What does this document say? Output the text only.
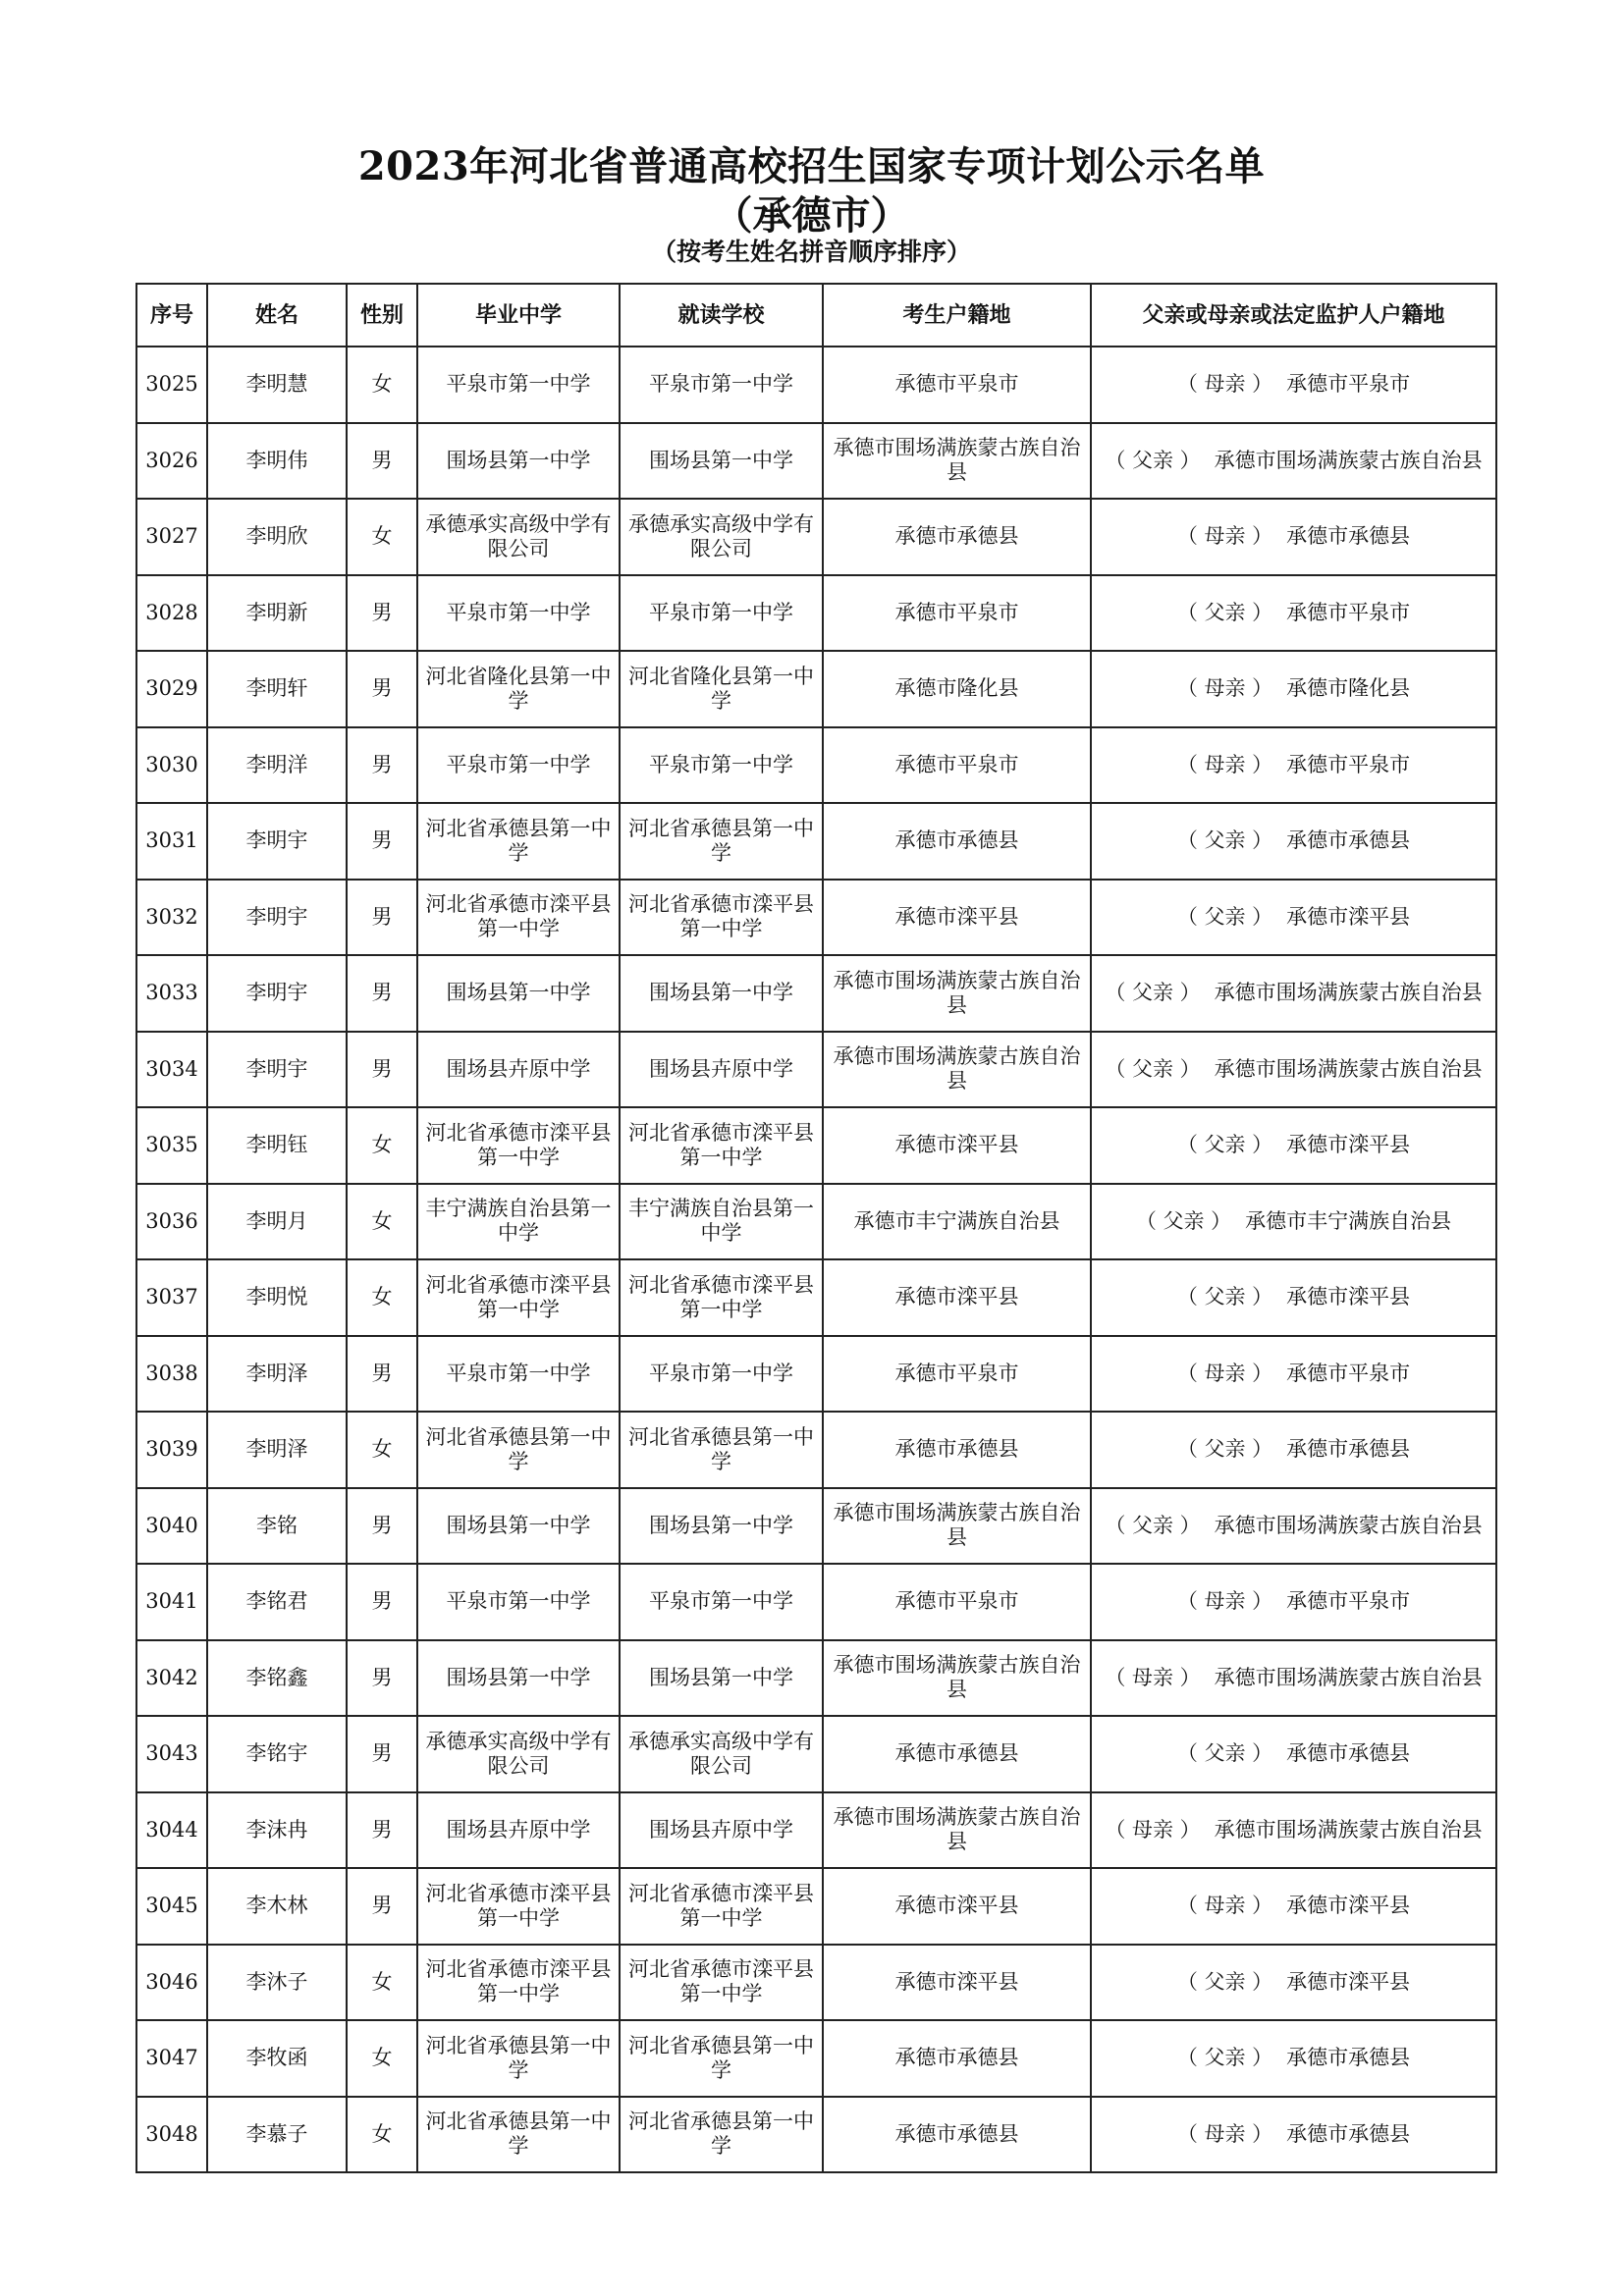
2023年河北省普通高校招生国家专项计划公示名单
（承德市）
（按考生姓名拼音顺序排序）
序号	姓名	性别	毕业中学	就读学校	考生户籍地	父亲或母亲或法定监护人户籍地
3025	李明慧	女	平泉市第一中学	平泉市第一中学	承德市平泉市	（ 母亲 ） 承德市平泉市
3026	李明伟	男	围场县第一中学	围场县第一中学	承德市围场满族蒙古族自治县	（ 父亲 ） 承德市围场满族蒙古族自治县
3027	李明欣	女	承德承实高级中学有限公司	承德承实高级中学有限公司	承德市承德县	（ 母亲 ） 承德市承德县
3028	李明新	男	平泉市第一中学	平泉市第一中学	承德市平泉市	（ 父亲 ） 承德市平泉市
3029	李明轩	男	河北省隆化县第一中学	河北省隆化县第一中学	承德市隆化县	（ 母亲 ） 承德市隆化县
3030	李明洋	男	平泉市第一中学	平泉市第一中学	承德市平泉市	（ 母亲 ） 承德市平泉市
3031	李明宇	男	河北省承德县第一中学	河北省承德县第一中学	承德市承德县	（ 父亲 ） 承德市承德县
3032	李明宇	男	河北省承德市滦平县第一中学	河北省承德市滦平县第一中学	承德市滦平县	（ 父亲 ） 承德市滦平县
3033	李明宇	男	围场县第一中学	围场县第一中学	承德市围场满族蒙古族自治县	（ 父亲 ） 承德市围场满族蒙古族自治县
3034	李明宇	男	围场县卉原中学	围场县卉原中学	承德市围场满族蒙古族自治县	（ 父亲 ） 承德市围场满族蒙古族自治县
3035	李明钰	女	河北省承德市滦平县第一中学	河北省承德市滦平县第一中学	承德市滦平县	（ 父亲 ） 承德市滦平县
3036	李明月	女	丰宁满族自治县第一中学	丰宁满族自治县第一中学	承德市丰宁满族自治县	（ 父亲 ） 承德市丰宁满族自治县
3037	李明悦	女	河北省承德市滦平县第一中学	河北省承德市滦平县第一中学	承德市滦平县	（ 父亲 ） 承德市滦平县
3038	李明泽	男	平泉市第一中学	平泉市第一中学	承德市平泉市	（ 母亲 ） 承德市平泉市
3039	李明泽	女	河北省承德县第一中学	河北省承德县第一中学	承德市承德县	（ 父亲 ） 承德市承德县
3040	李铭	男	围场县第一中学	围场县第一中学	承德市围场满族蒙古族自治县	（ 父亲 ） 承德市围场满族蒙古族自治县
3041	李铭君	男	平泉市第一中学	平泉市第一中学	承德市平泉市	（ 母亲 ） 承德市平泉市
3042	李铭鑫	男	围场县第一中学	围场县第一中学	承德市围场满族蒙古族自治县	（ 母亲 ） 承德市围场满族蒙古族自治县
3043	李铭宇	男	承德承实高级中学有限公司	承德承实高级中学有限公司	承德市承德县	（ 父亲 ） 承德市承德县
3044	李沫冉	男	围场县卉原中学	围场县卉原中学	承德市围场满族蒙古族自治县	（ 母亲 ） 承德市围场满族蒙古族自治县
3045	李木林	男	河北省承德市滦平县第一中学	河北省承德市滦平县第一中学	承德市滦平县	（ 母亲 ） 承德市滦平县
3046	李沐子	女	河北省承德市滦平县第一中学	河北省承德市滦平县第一中学	承德市滦平县	（ 父亲 ） 承德市滦平县
3047	李牧函	女	河北省承德县第一中学	河北省承德县第一中学	承德市承德县	（ 父亲 ） 承德市承德县
3048	李慕子	女	河北省承德县第一中学	河北省承德县第一中学	承德市承德县	（ 母亲 ） 承德市承德县
